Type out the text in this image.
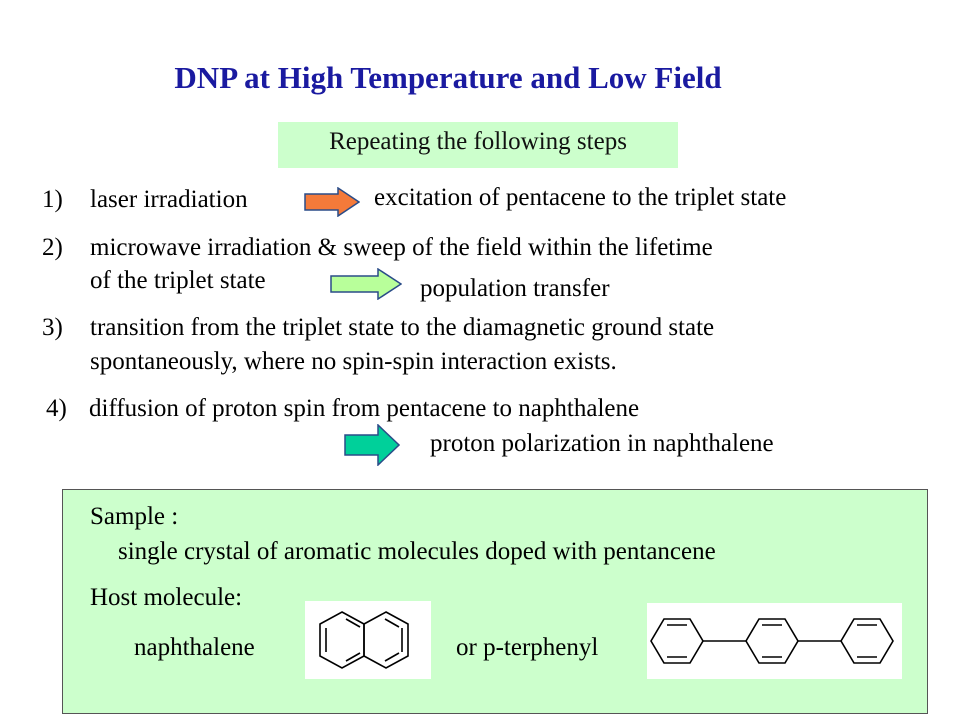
DNP at High Temperature and Low Field
Repeating the following steps
1) laser irradiation	excitation of pentacene to the triplet state
2) microwave irradiation & sweep of the field within the lifetime
of the triplet state	population transfer
3) transition from the triplet state to the diamagnetic ground state
spontaneously, where no spin-spin interaction exists.
4) diffusion of proton spin from pentacene to naphthalene
proton polarization in naphthalene
Sample :
single crystal of aromatic molecules doped with pentancene
Host molecule:
naphthalene	or p-terphenyl
